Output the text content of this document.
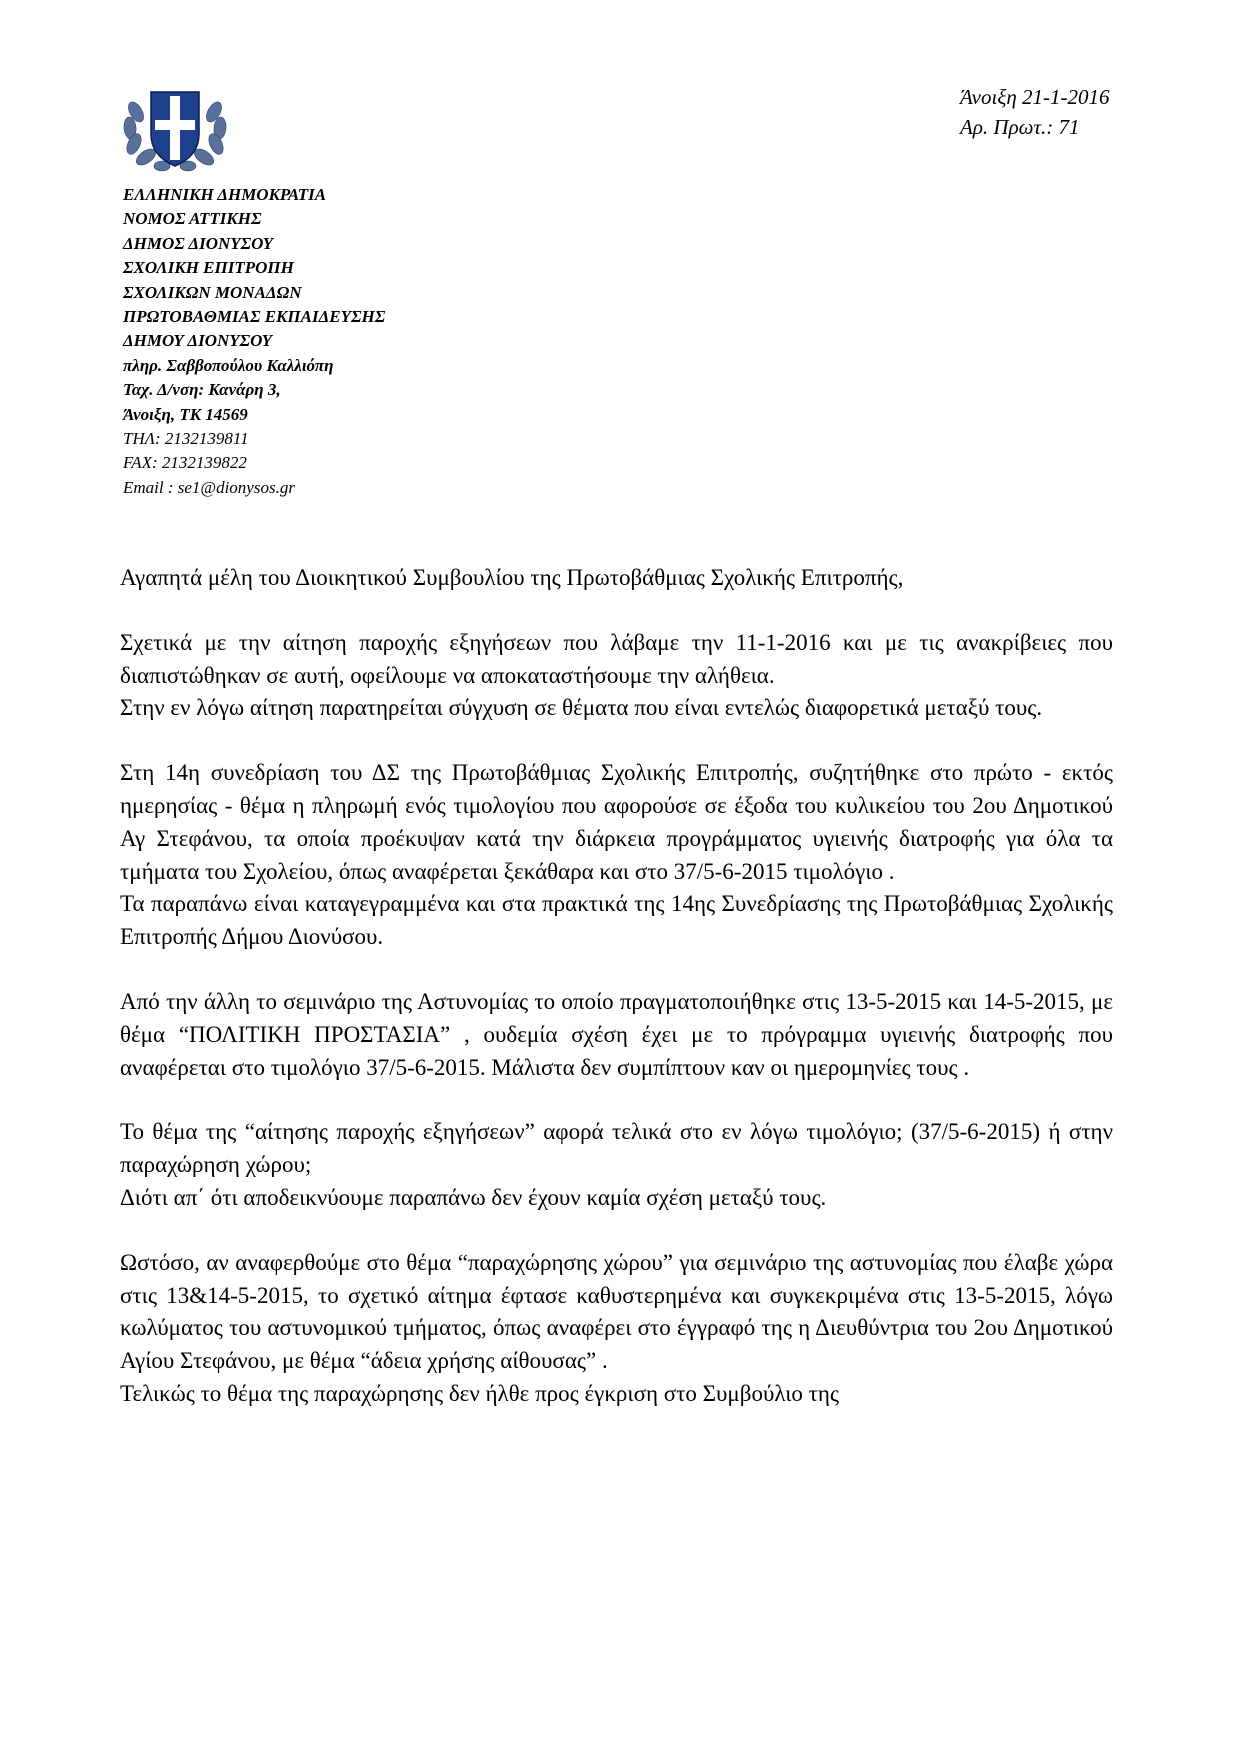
Άνοιξη 21-1-2016
Αρ. Πρωτ.: 71
ΕΛΛΗΝΙΚΗ ΔΗΜΟΚΡΑΤΙΑ
ΝΟΜΟΣ ΑΤΤΙΚΗΣ
ΔΗΜΟΣ ΔΙΟΝΥΣΟΥ
ΣΧΟΛΙΚΗ ΕΠΙΤΡΟΠΗ
ΣΧΟΛΙΚΩΝ ΜΟΝΑΔΩΝ
ΠΡΩΤΟΒΑΘΜΙΑΣ ΕΚΠΑΙΔΕΥΣΗΣ
ΔΗΜΟΥ ΔΙΟΝΥΣΟΥ
πληρ. Σαββοπούλου Καλλιόπη
Ταχ. Δ/νση: Κανάρη 3,
Άνοιξη, ΤΚ 14569
ΤΗΛ: 2132139811
FAX: 2132139822
Email : se1@dionysos.gr

Αγαπητά μέλη του Διοικητικού Συμβουλίου της Πρωτοβάθμιας Σχολικής Επιτροπής,

Σχετικά με την αίτηση παροχής εξηγήσεων που λάβαμε την 11-1-2016 και με τις ανακρίβειες που διαπιστώθηκαν σε αυτή, οφείλουμε να αποκαταστήσουμε την αλήθεια.

Στην εν λόγω αίτηση παρατηρείται σύγχυση σε θέματα που είναι εντελώς διαφορετικά μεταξύ τους.

Στη 14η συνεδρίαση του ΔΣ της Πρωτοβάθμιας Σχολικής Επιτροπής, συζητήθηκε στο πρώτο - εκτός ημερησίας - θέμα η πληρωμή ενός τιμολογίου που αφορούσε σε έξοδα του κυλικείου του 2ου Δημοτικού Αγ Στεφάνου, τα οποία προέκυψαν κατά την διάρκεια προγράμματος υγιεινής διατροφής για όλα τα τμήματα του Σχολείου, όπως αναφέρεται ξεκάθαρα και στο 37/5-6-2015 τιμολόγιο .

Τα παραπάνω είναι καταγεγραμμένα και στα πρακτικά της 14ης Συνεδρίασης της Πρωτοβάθμιας Σχολικής Επιτροπής Δήμου Διονύσου.

Από την άλλη το σεμινάριο της Αστυνομίας το οποίο πραγματοποιήθηκε στις 13-5-2015 και 14-5-2015, με θέμα “ΠΟΛΙΤΙΚΗ ΠΡΟΣΤΑΣΙΑ” , ουδεμία σχέση έχει με το πρόγραμμα υγιεινής διατροφής που αναφέρεται στο τιμολόγιο 37/5-6-2015. Μάλιστα δεν συμπίπτουν καν οι ημερομηνίες τους .

Το θέμα της “αίτησης παροχής εξηγήσεων” αφορά τελικά στο εν λόγω τιμολόγιο; (37/5-6-2015) ή στην παραχώρηση χώρου;

Διότι απ΄ ότι αποδεικνύουμε παραπάνω δεν έχουν καμία σχέση μεταξύ τους.

Ωστόσο, αν αναφερθούμε στο θέμα “παραχώρησης χώρου” για σεμινάριο της αστυνομίας που έλαβε χώρα στις 13&14-5-2015, το σχετικό αίτημα έφτασε καθυστερημένα και συγκεκριμένα στις 13-5-2015, λόγω κωλύματος του αστυνομικού τμήματος, όπως αναφέρει στο έγγραφό της η Διευθύντρια του 2ου Δημοτικού Αγίου Στεφάνου, με θέμα “άδεια χρήσης αίθουσας” .

Τελικώς το θέμα της παραχώρησης δεν ήλθε προς έγκριση στο Συμβούλιο της
